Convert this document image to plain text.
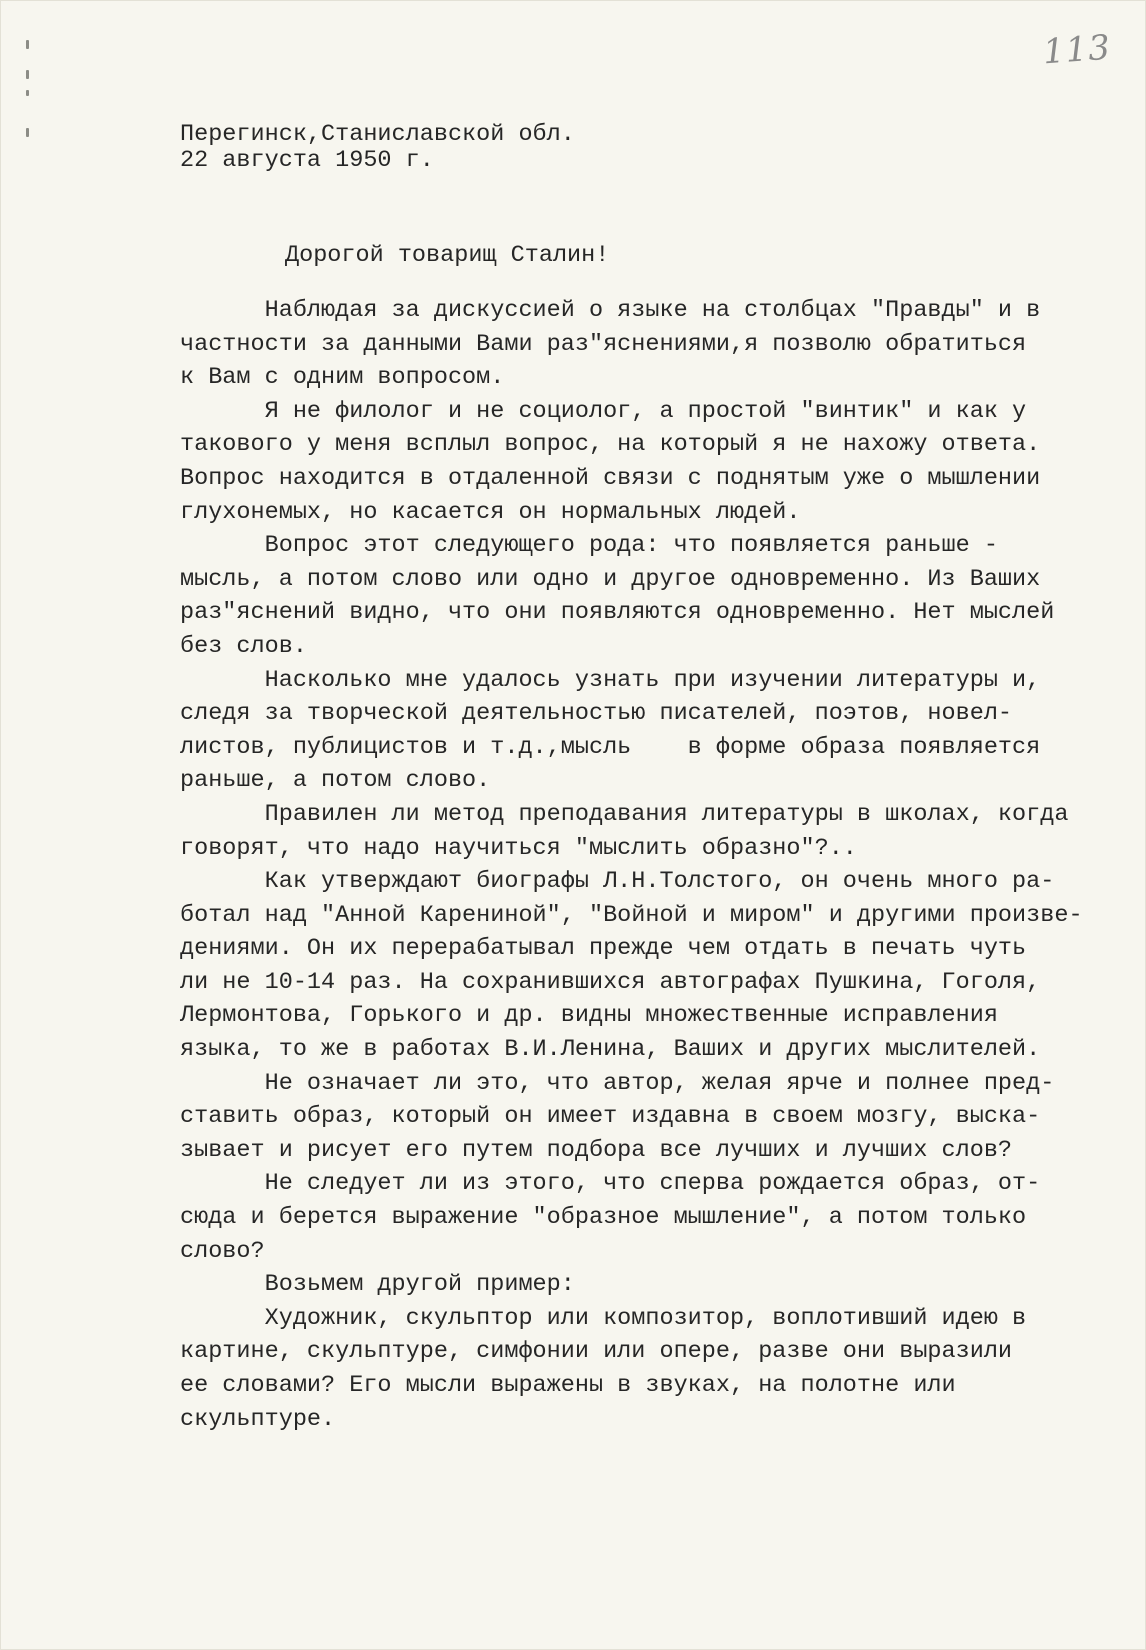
113
Перегинск,Станиславской обл.
22 августа 1950 г.
Дорогой товарищ Сталин!
Наблюдая за дискуссией о языке на столбцах "Правды" и в
частности за данными Вами раз"яснениями,я позволю обратиться
к Вам с одним вопросом.
Я не филолог и не социолог, а простой "винтик" и как у
такового у меня всплыл вопрос, на который я не нахожу ответа.
Вопрос находится в отдаленной связи с поднятым уже о мышлении
глухонемых, но касается он нормальных людей.
Вопрос этот следующего рода: что появляется раньше -
мысль, а потом слово или одно и другое одновременно. Из Ваших
раз"яснений видно, что они появляются одновременно. Нет мыслей
без слов.
Насколько мне удалось узнать при изучении литературы и,
следя за творческой деятельностью писателей, поэтов, новел-
листов, публицистов и т.д.,мысль    в форме образа появляется
раньше, а потом слово.
Правилен ли метод преподавания литературы в школах, когда
говорят, что надо научиться "мыслить образно"?..
Как утверждают биографы Л.Н.Толстого, он очень много ра-
ботал над "Анной Карениной", "Войной и миром" и другими произве-
дениями. Он их перерабатывал прежде чем отдать в печать чуть
ли не 10-14 раз. На сохранившихся автографах Пушкина, Гоголя,
Лермонтова, Горького и др. видны множественные исправления
языка, то же в работах В.И.Ленина, Ваших и других мыслителей.
Не означает ли это, что автор, желая ярче и полнее пред-
ставить образ, который он имеет издавна в своем мозгу, выска-
зывает и рисует его путем подбора все лучших и лучших слов?
Не следует ли из этого, что сперва рождается образ, от-
сюда и берется выражение "образное мышление", а потом только
слово?
Возьмем другой пример:
Художник, скульптор или композитор, воплотивший идею в
картине, скульптуре, симфонии или опере, разве они выразили
ее словами? Его мысли выражены в звуках, на полотне или
скульптуре.
